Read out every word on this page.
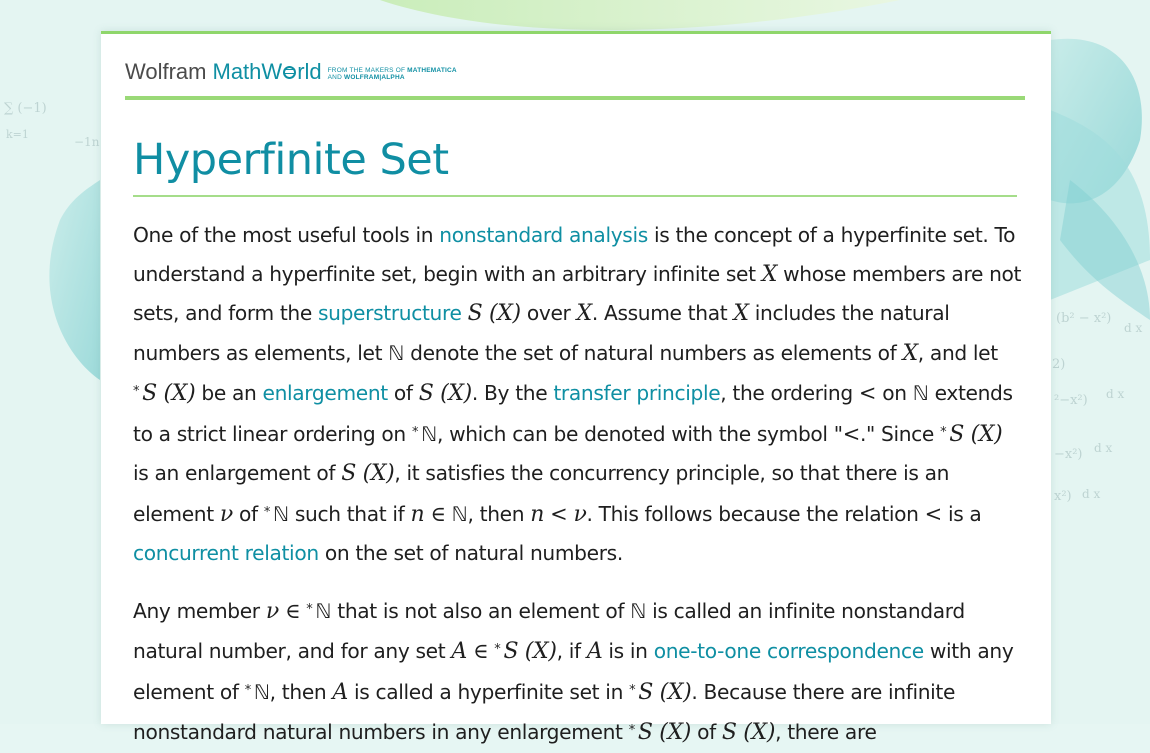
∑ (−1)
k=1
−1n
(b² − x²)
d x
2)
²−x²) d x
−x²) d x
x²) d x
Wolfram MathW rld FROM THE MAKERS OF MATHEMATICA
AND WOLFRAM|ALPHA
Hyperfinite Set

One of the most useful tools in nonstandard analysis is the concept of a hyperfinite set. To understand a hyperfinite set, begin with an arbitrary infinite set X whose members are not sets, and form the superstructure S (X) over X. Assume that X includes the natural numbers as elements, let ℕ denote the set of natural numbers as elements of X, and let * S (X) be an enlargement of S (X). By the transfer principle, the ordering < on ℕ extends to a strict linear ordering on * ℕ, which can be denoted with the symbol "<." Since * S (X) is an enlargement of S (X), it satisfies the concurrency principle, so that there is an element ν of * ℕ such that if n ∈ ℕ, then n < ν. This follows because the relation < is a concurrent relation on the set of natural numbers.

Any member ν ∈ * ℕ that is not also an element of ℕ is called an infinite nonstandard natural number, and for any set A ∈ * S (X), if A is in one-to-one correspondence with any element of * ℕ, then A is called a hyperfinite set in * S (X). Because there are infinite nonstandard natural numbers in any enlargement * S (X) of S (X), there are
